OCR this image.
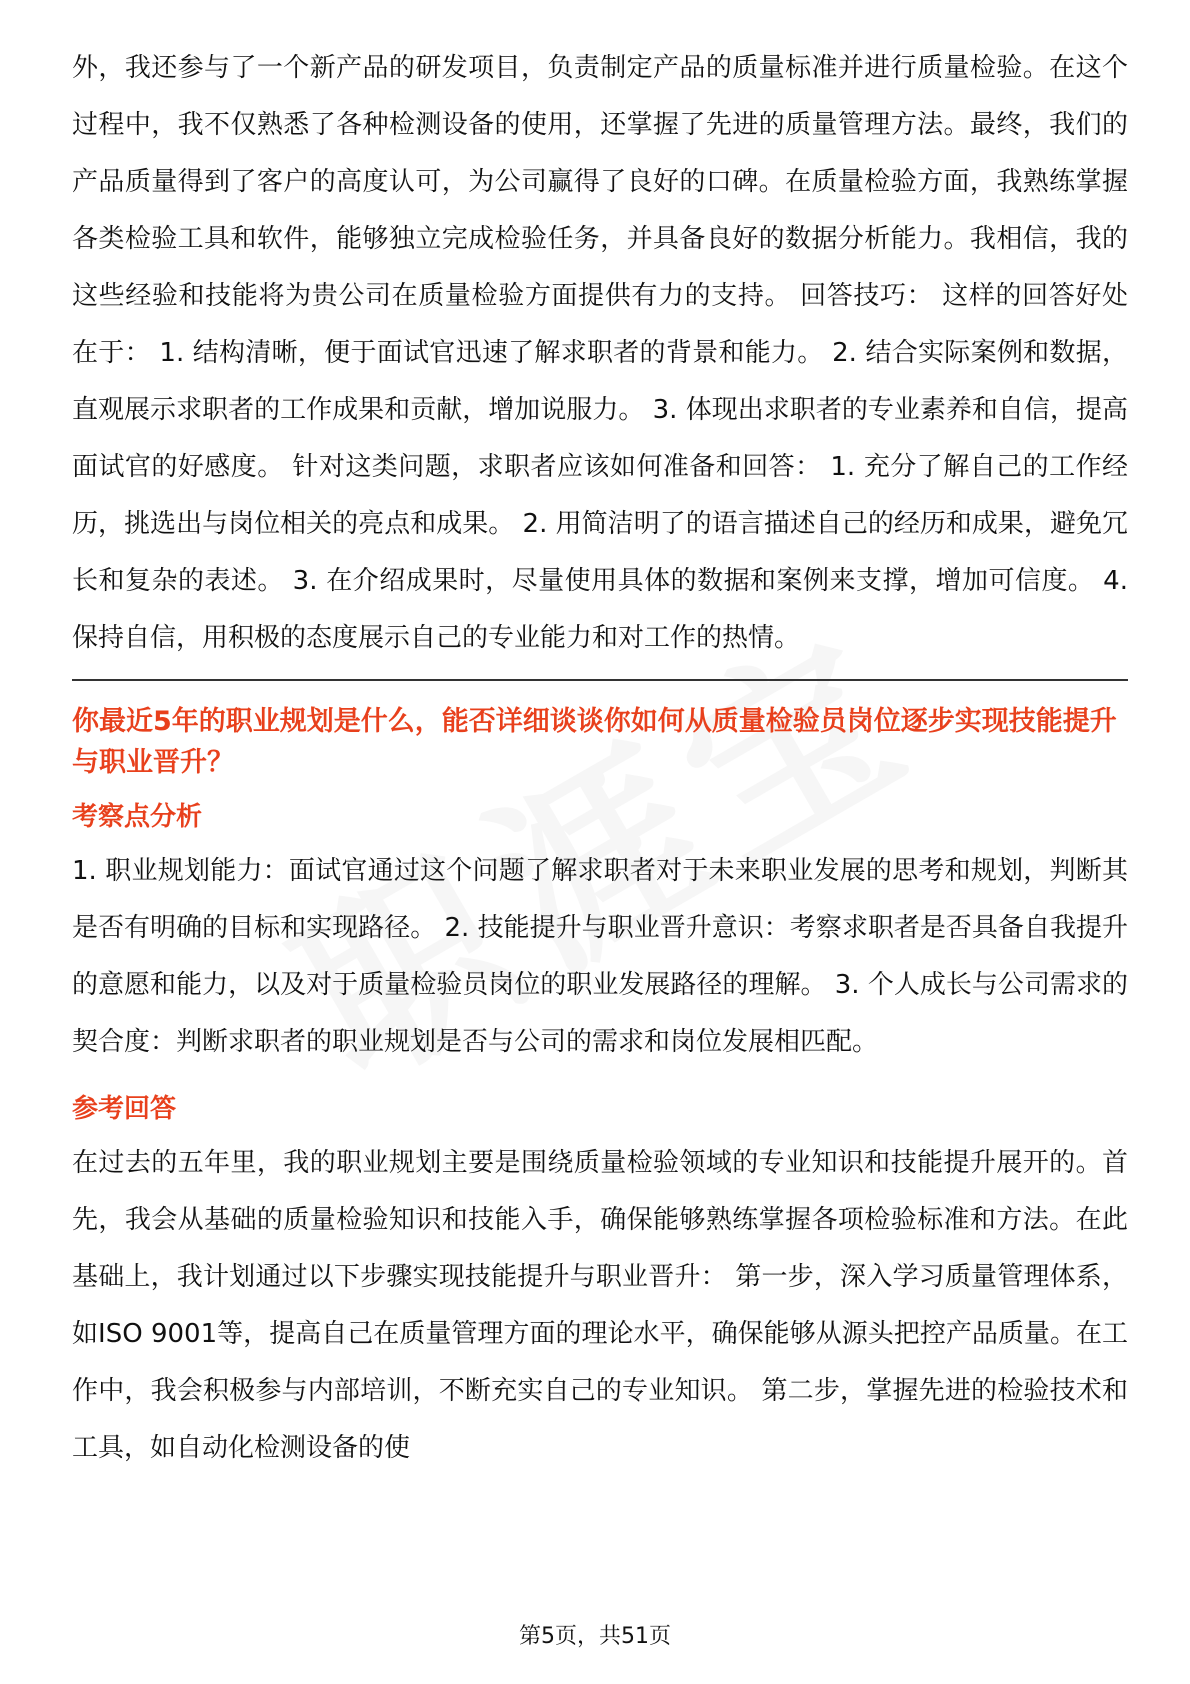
外，我还参与了一个新产品的研发项目，负责制定产品的质量标准并进行质量检验。在这个过程中，我不仅熟悉了各种检测设备的使用，还掌握了先进的质量管理方法。最终，我们的产品质量得到了客户的高度认可，为公司赢得了良好的口碑。在质量检验方面，我熟练掌握各类检验工具和软件，能够独立完成检验任务，并具备良好的数据分析能力。我相信，我的这些经验和技能将为贵公司在质量检验方面提供有力的支持。 回答技巧： 这样的回答好处在于： 1. 结构清晰，便于面试官迅速了解求职者的背景和能力。 2. 结合实际案例和数据，直观展示求职者的工作成果和贡献，增加说服力。 3. 体现出求职者的专业素养和自信，提高面试官的好感度。 针对这类问题，求职者应该如何准备和回答： 1. 充分了解自己的工作经历，挑选出与岗位相关的亮点和成果。 2. 用简洁明了的语言描述自己的经历和成果，避免冗长和复杂的表述。 3. 在介绍成果时，尽量使用具体的数据和案例来支撑，增加可信度。 4. 保持自信，用积极的态度展示自己的专业能力和对工作的热情。

你最近5年的职业规划是什么，能否详细谈谈你如何从质量检验员岗位逐步实现技能提升与职业晋升？

考察点分析

1. 职业规划能力：面试官通过这个问题了解求职者对于未来职业发展的思考和规划，判断其是否有明确的目标和实现路径。 2. 技能提升与职业晋升意识：考察求职者是否具备自我提升的意愿和能力，以及对于质量检验员岗位的职业发展路径的理解。 3. 个人成长与公司需求的契合度：判断求职者的职业规划是否与公司的需求和岗位发展相匹配。

参考回答

在过去的五年里，我的职业规划主要是围绕质量检验领域的专业知识和技能提升展开的。首先，我会从基础的质量检验知识和技能入手，确保能够熟练掌握各项检验标准和方法。在此基础上，我计划通过以下步骤实现技能提升与职业晋升： 第一步，深入学习质量管理体系，如ISO 9001等，提高自己在质量管理方面的理论水平，确保能够从源头把控产品质量。在工作中，我会积极参与内部培训，不断充实自己的专业知识。 第二步，掌握先进的检验技术和工具，如自动化检测设备的使

第5页，共51页
